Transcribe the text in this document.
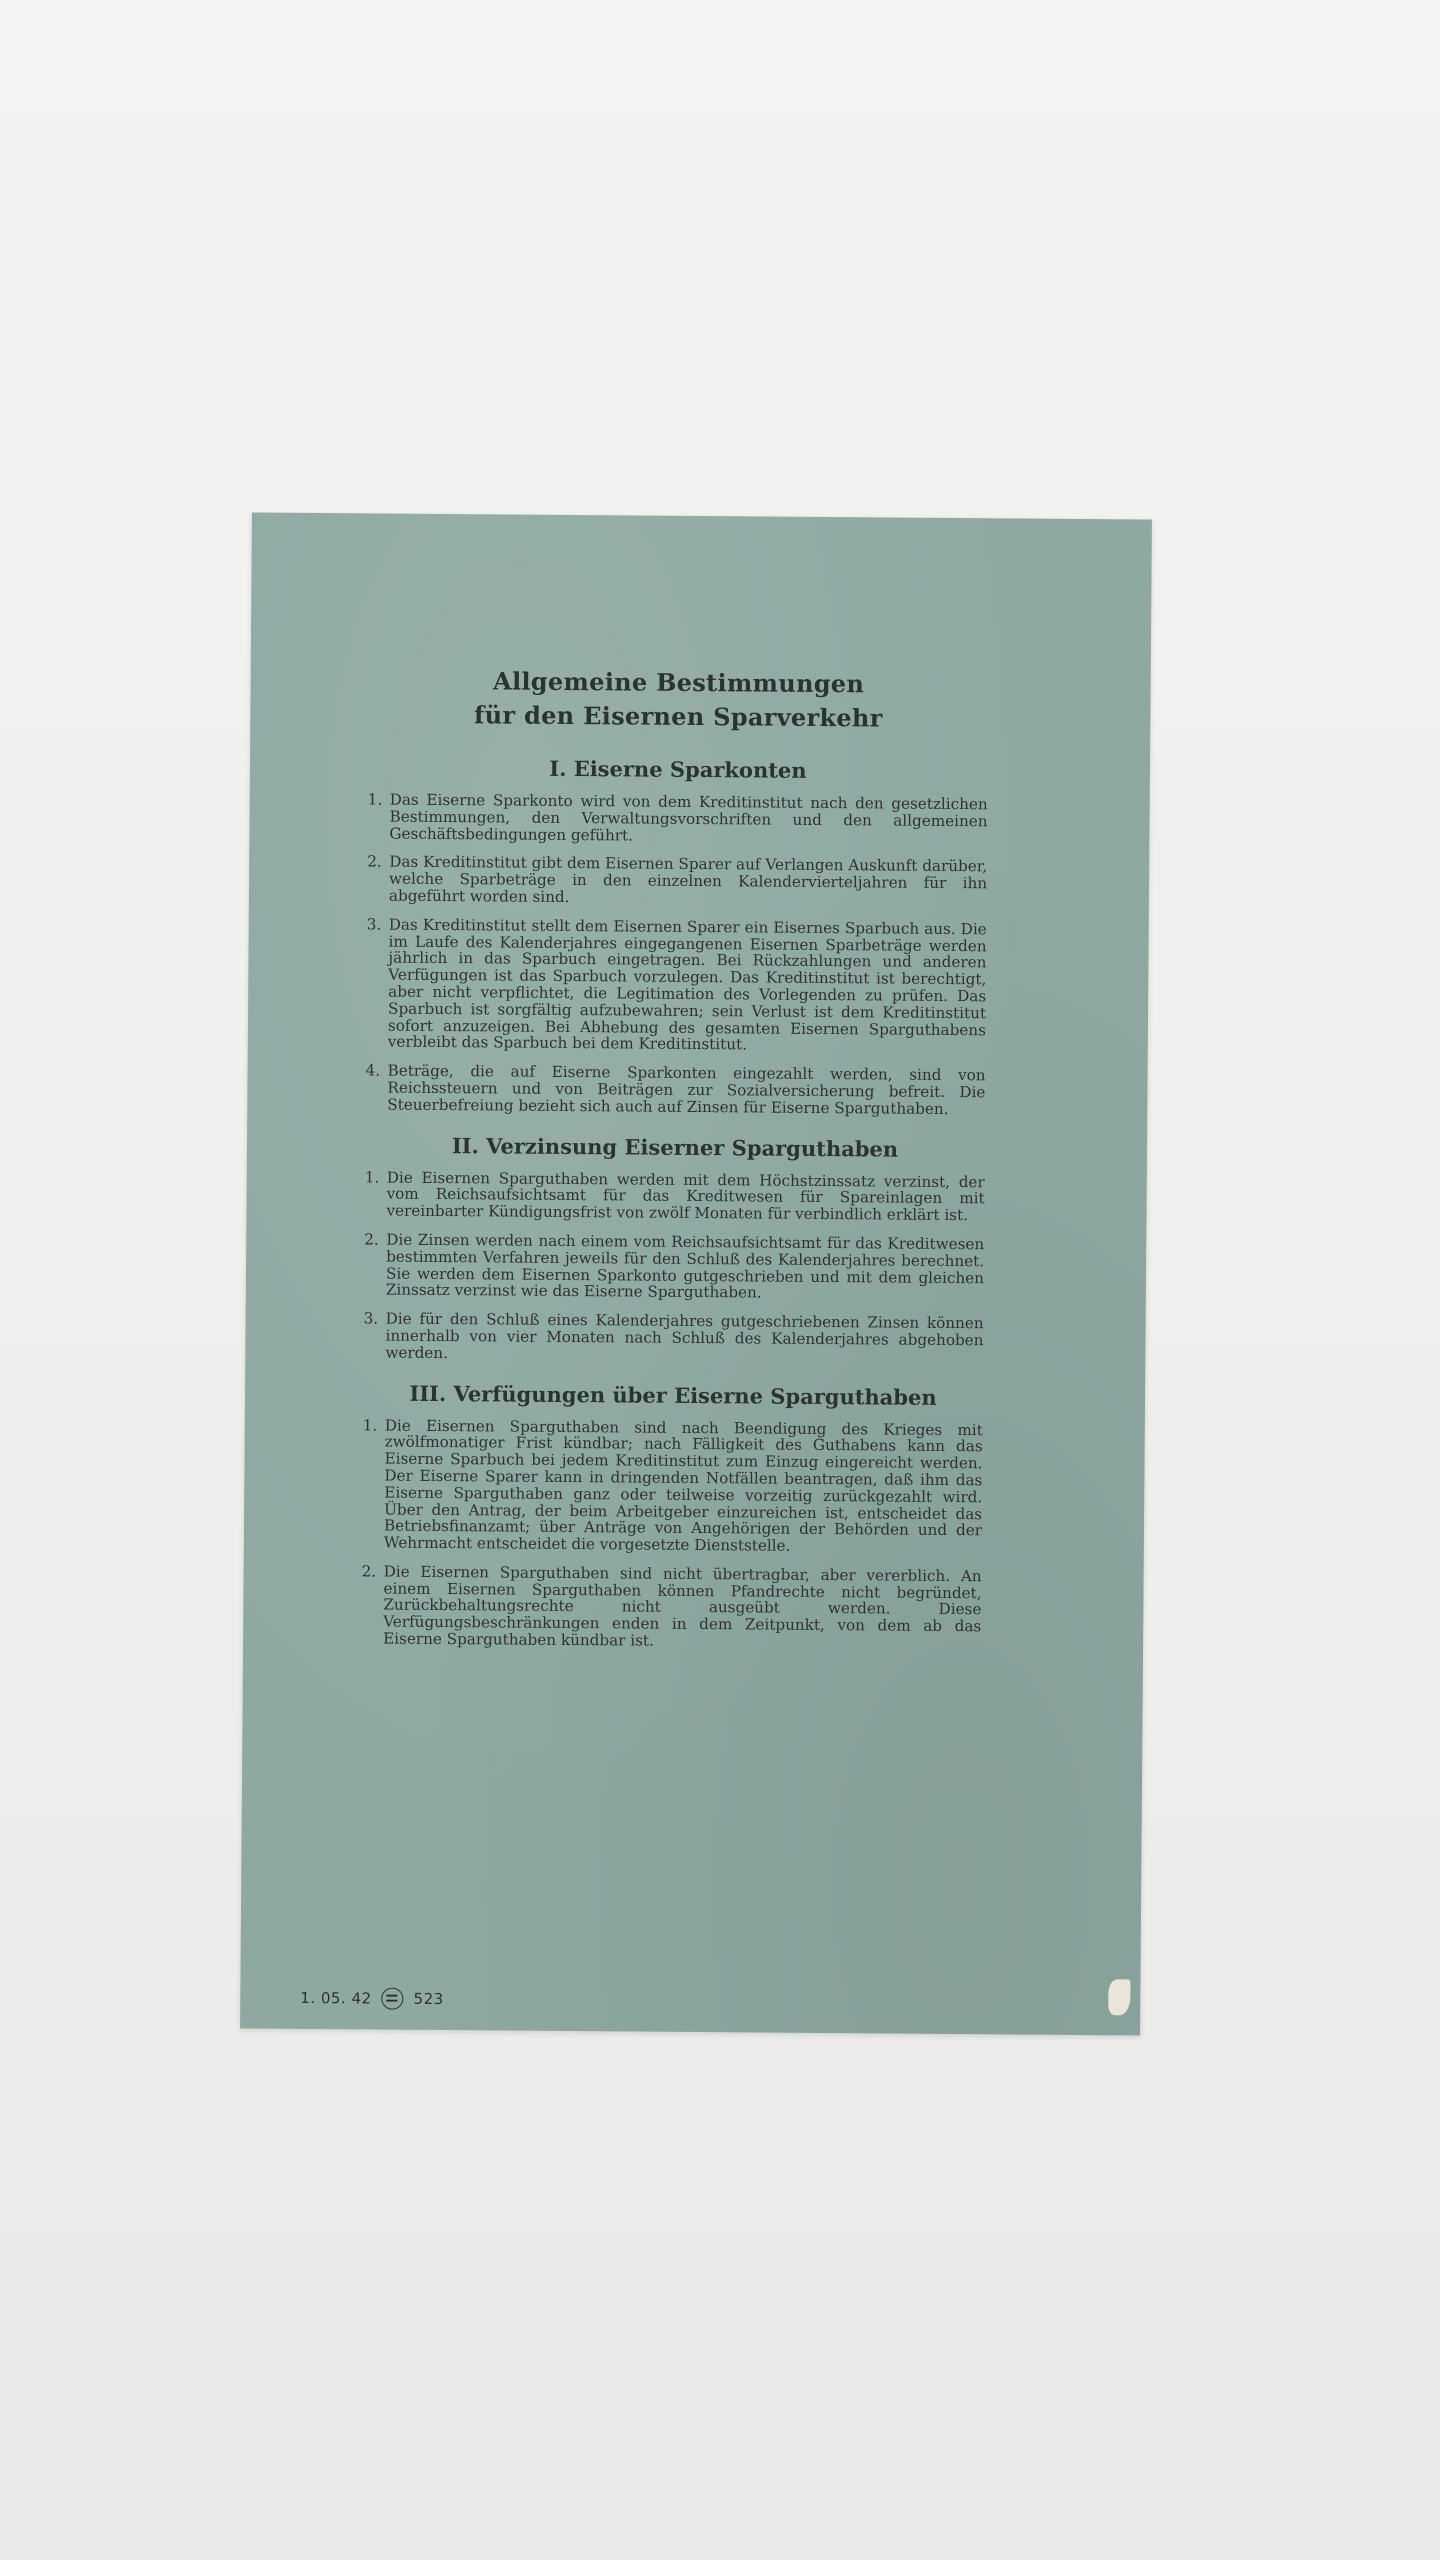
Allgemeine Bestimmungen

für den Eisernen Sparverkehr

I. Eiserne Sparkonten
1. Das Eiserne Sparkonto wird von dem Kreditinstitut nach den gesetzlichen Bestimmungen, den Verwaltungsvorschriften und den allgemeinen Geschäftsbedingungen geführt.
2. Das Kreditinstitut gibt dem Eisernen Sparer auf Verlangen Auskunft darüber, welche Sparbeträge in den einzelnen Kalendervierteljahren für ihn abgeführt worden sind.
3. Das Kreditinstitut stellt dem Eisernen Sparer ein Eisernes Sparbuch aus. Die im Laufe des Kalenderjahres eingegangenen Eisernen Sparbeträge werden jährlich in das Sparbuch eingetragen. Bei Rückzahlungen und anderen Verfügungen ist das Sparbuch vorzulegen. Das Kreditinstitut ist berechtigt, aber nicht verpflichtet, die Legitimation des Vorlegenden zu prüfen. Das Sparbuch ist sorgfältig aufzubewahren; sein Verlust ist dem Kreditinstitut sofort anzuzeigen. Bei Abhebung des gesamten Eisernen Sparguthabens verbleibt das Sparbuch bei dem Kreditinstitut.
4. Beträge, die auf Eiserne Sparkonten eingezahlt werden, sind von Reichssteuern und von Beiträgen zur Sozialversicherung befreit. Die Steuerbefreiung bezieht sich auch auf Zinsen für Eiserne Sparguthaben.
II. Verzinsung Eiserner Sparguthaben
1. Die Eisernen Sparguthaben werden mit dem Höchstzinssatz verzinst, der vom Reichsaufsichtsamt für das Kreditwesen für Spareinlagen mit vereinbarter Kündigungsfrist von zwölf Monaten für verbindlich erklärt ist.
2. Die Zinsen werden nach einem vom Reichsaufsichtsamt für das Kreditwesen bestimmten Verfahren jeweils für den Schluß des Kalenderjahres berechnet. Sie werden dem Eisernen Sparkonto gutgeschrieben und mit dem gleichen Zinssatz verzinst wie das Eiserne Sparguthaben.
3. Die für den Schluß eines Kalenderjahres gutgeschriebenen Zinsen können innerhalb von vier Monaten nach Schluß des Kalenderjahres abgehoben werden.
III. Verfügungen über Eiserne Sparguthaben
1. Die Eisernen Sparguthaben sind nach Beendigung des Krieges mit zwölfmonatiger Frist kündbar; nach Fälligkeit des Guthabens kann das Eiserne Sparbuch bei jedem Kreditinstitut zum Einzug eingereicht werden. Der Eiserne Sparer kann in dringenden Notfällen beantragen, daß ihm das Eiserne Sparguthaben ganz oder teilweise vorzeitig zurückgezahlt wird. Über den Antrag, der beim Arbeitgeber einzureichen ist, entscheidet das Betriebsfinanzamt; über Anträge von Angehörigen der Behörden und der Wehrmacht entscheidet die vorgesetzte Dienststelle.
2. Die Eisernen Sparguthaben sind nicht übertragbar, aber vererblich. An einem Eisernen Sparguthaben können Pfandrechte nicht begründet, Zurückbehaltungsrechte nicht ausgeübt werden. Diese Verfügungsbeschränkungen enden in dem Zeitpunkt, von dem ab das Eiserne Sparguthaben kündbar ist.
1. 05. 42	523
